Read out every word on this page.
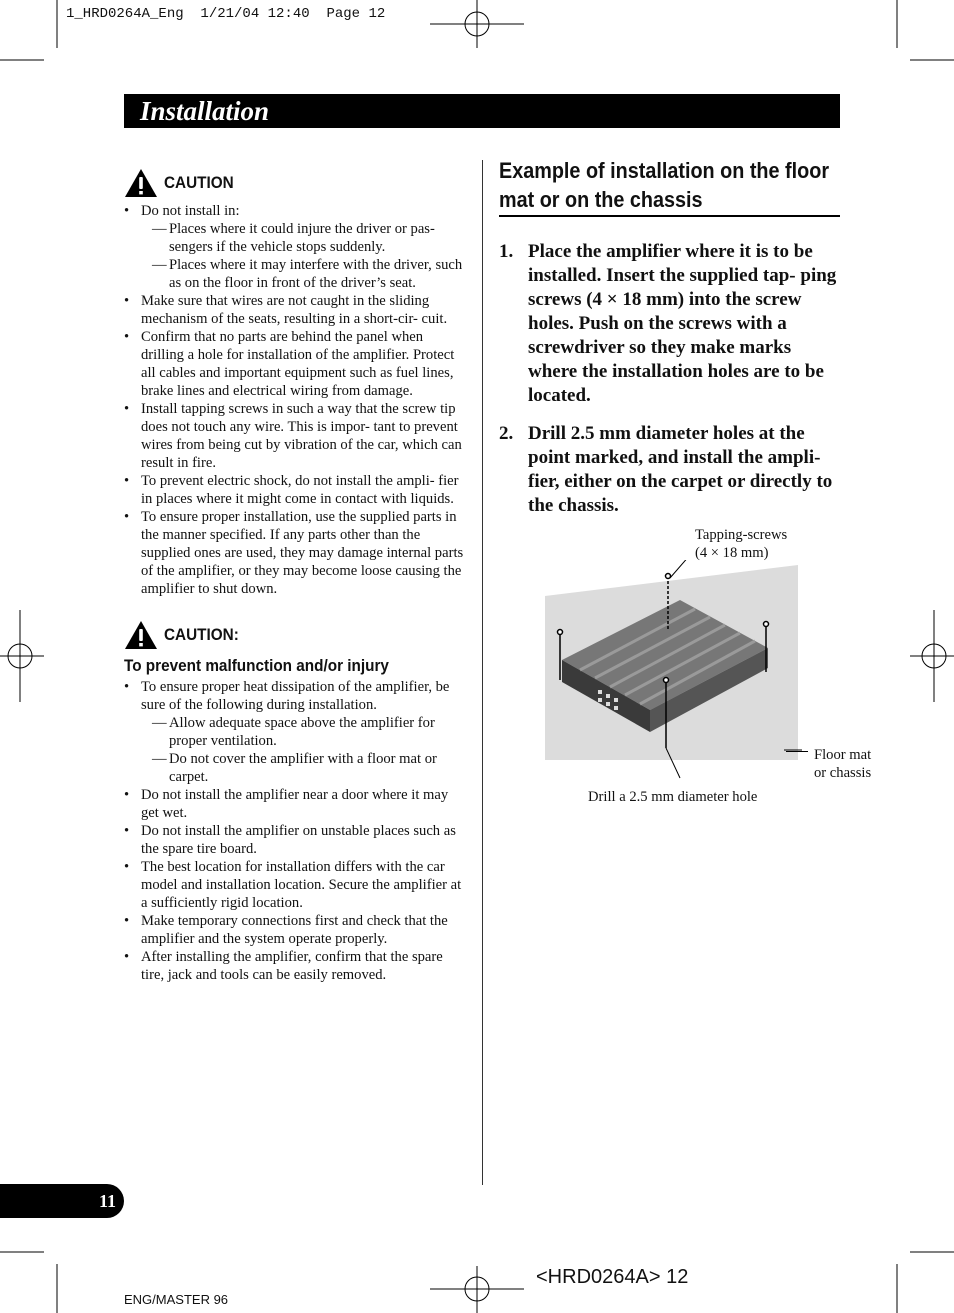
1_HRD0264A_Eng  1/21/04 12:40  Page 12
Installation
CAUTION
• Do not install in:
— Places where it could injure the driver or pas- sengers if the vehicle stops suddenly.
— Places where it may interfere with the driver, such as on the floor in front of the driver’s seat.
• Make sure that wires are not caught in the sliding mechanism of the seats, resulting in a short-cir- cuit.
• Confirm that no parts are behind the panel when drilling a hole for installation of the amplifier. Protect all cables and important equipment such as fuel lines, brake lines and electrical wiring from damage.
• Install tapping screws in such a way that the screw tip does not touch any wire. This is impor- tant to prevent wires from being cut by vibration of the car, which can result in fire.
• To prevent electric shock, do not install the ampli- fier in places where it might come in contact with liquids.
• To ensure proper installation, use the supplied parts in the manner specified. If any parts other than the supplied ones are used, they may damage internal parts of the amplifier, or they may become loose causing the amplifier to shut down.
CAUTION:
To prevent malfunction and/or injury
• To ensure proper heat dissipation of the amplifier, be sure of the following during installation.
— Allow adequate space above the amplifier for proper ventilation.
— Do not cover the amplifier with a floor mat or carpet.
• Do not install the amplifier near a door where it may get wet.
• Do not install the amplifier on unstable places such as the spare tire board.
• The best location for installation differs with the car model and installation location. Secure the amplifier at a sufficiently rigid location.
• Make temporary connections first and check that the amplifier and the system operate properly.
• After installing the amplifier, confirm that the spare tire, jack and tools can be easily removed.
Example of installation on the floor mat or on the chassis
1. Place the amplifier where it is to be installed. Insert the supplied tap- ping screws (4 × 18 mm) into the screw holes. Push on the screws with a screwdriver so they make marks where the installation holes are to be located.
2. Drill 2.5 mm diameter holes at the point marked, and install the ampli- fier, either on the carpet or directly to the chassis.
Tapping-screws
(4 × 18 mm)
Floor mat
or chassis
Drill a 2.5 mm diameter hole
11
<HRD0264A> 12
ENG/MASTER 96
